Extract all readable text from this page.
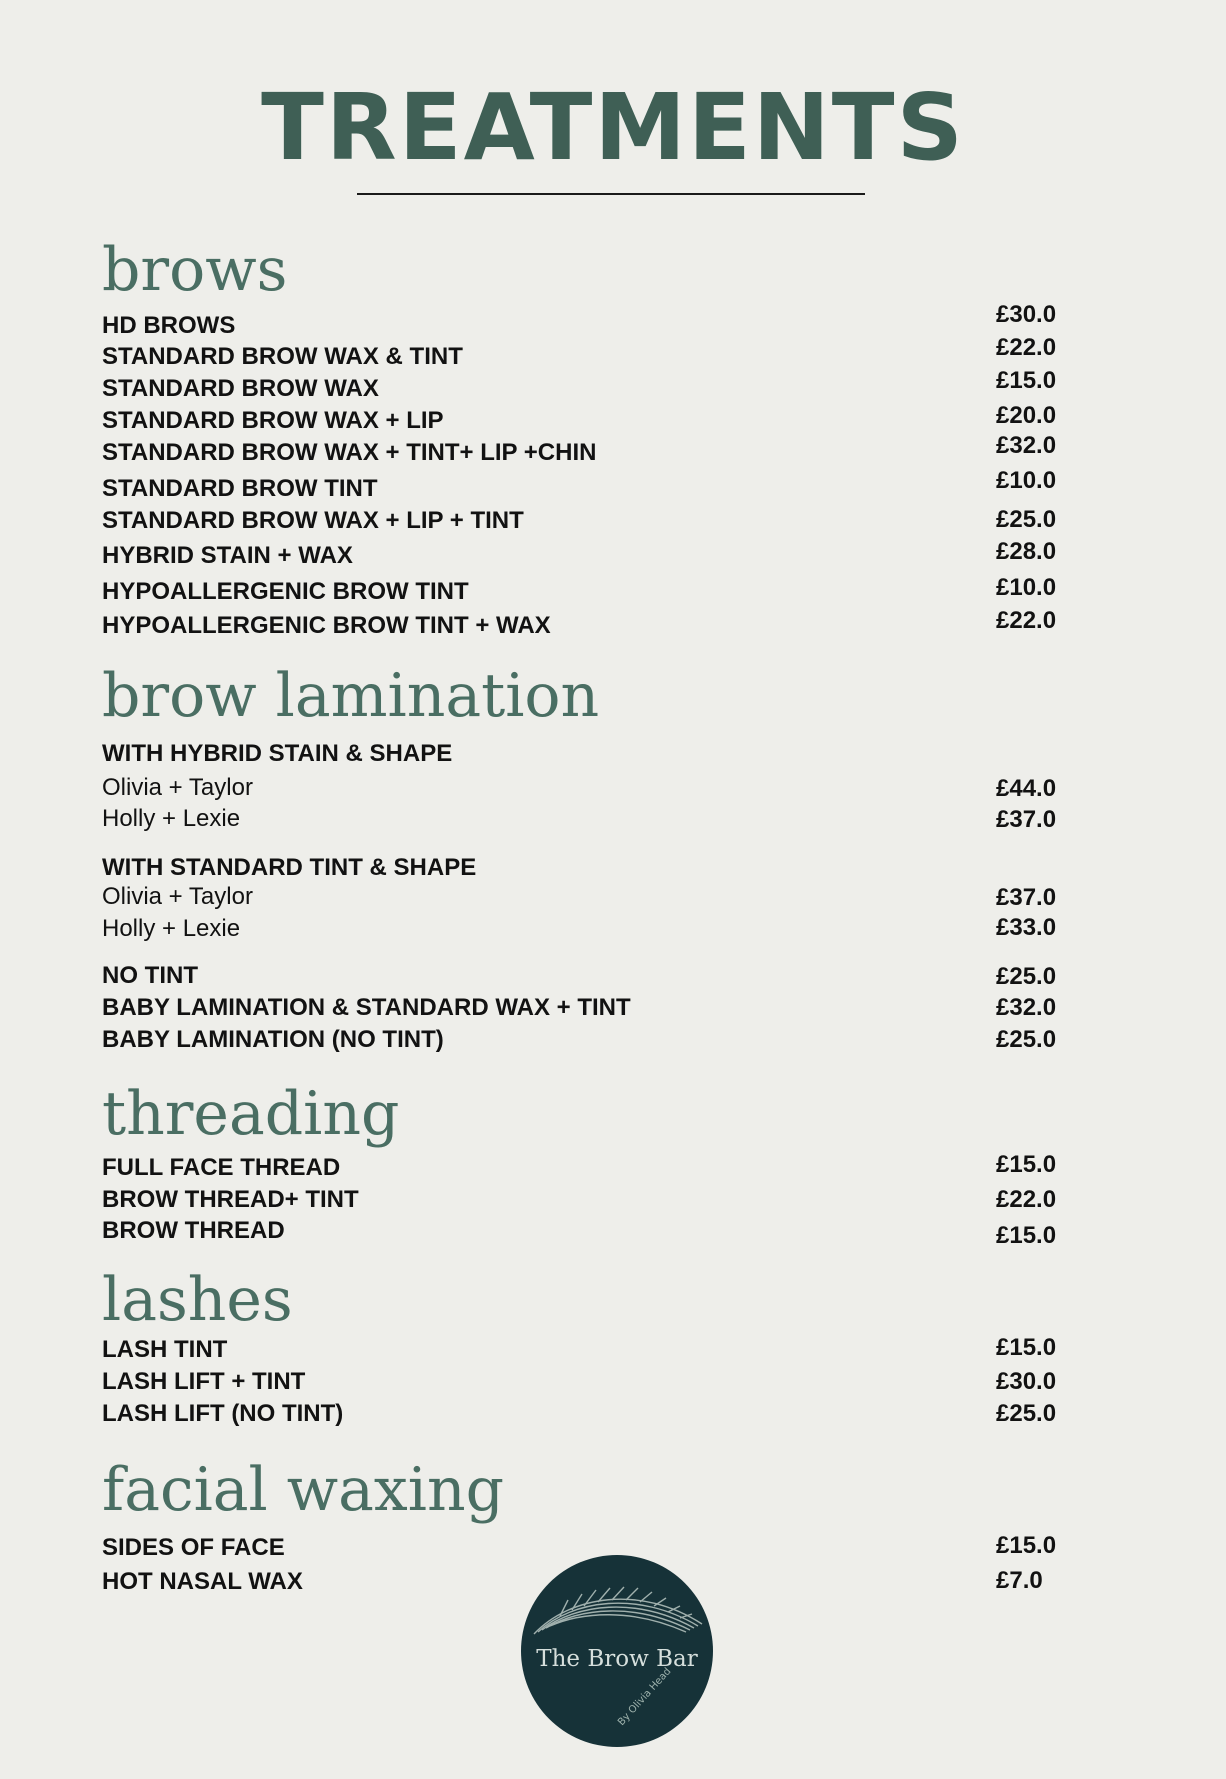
TREATMENTS
brows
HD BROWS	£30.0
STANDARD BROW WAX & TINT	£22.0
STANDARD BROW WAX	£15.0
STANDARD BROW WAX + LIP	£20.0
STANDARD BROW WAX + TINT+ LIP +CHIN	£32.0
STANDARD BROW TINT	£10.0
STANDARD BROW WAX + LIP + TINT	£25.0
HYBRID STAIN + WAX	£28.0
HYPOALLERGENIC BROW TINT	£10.0
HYPOALLERGENIC BROW TINT + WAX	£22.0
brow lamination
WITH HYBRID STAIN & SHAPE
Olivia + Taylor	£44.0
Holly + Lexie	£37.0
WITH STANDARD TINT & SHAPE
Olivia + Taylor	£37.0
Holly + Lexie	£33.0
NO TINT	£25.0
BABY LAMINATION & STANDARD WAX + TINT	£32.0
BABY LAMINATION (NO TINT)	£25.0
threading
FULL FACE THREAD	£15.0
BROW THREAD+ TINT	£22.0
BROW THREAD	£15.0
lashes
LASH TINT	£15.0
LASH LIFT + TINT	£30.0
LASH LIFT (NO TINT)	£25.0
facial waxing
SIDES OF FACE	£15.0
HOT NASAL WAX	£7.0
The Brow Bar
By Olivia Head
